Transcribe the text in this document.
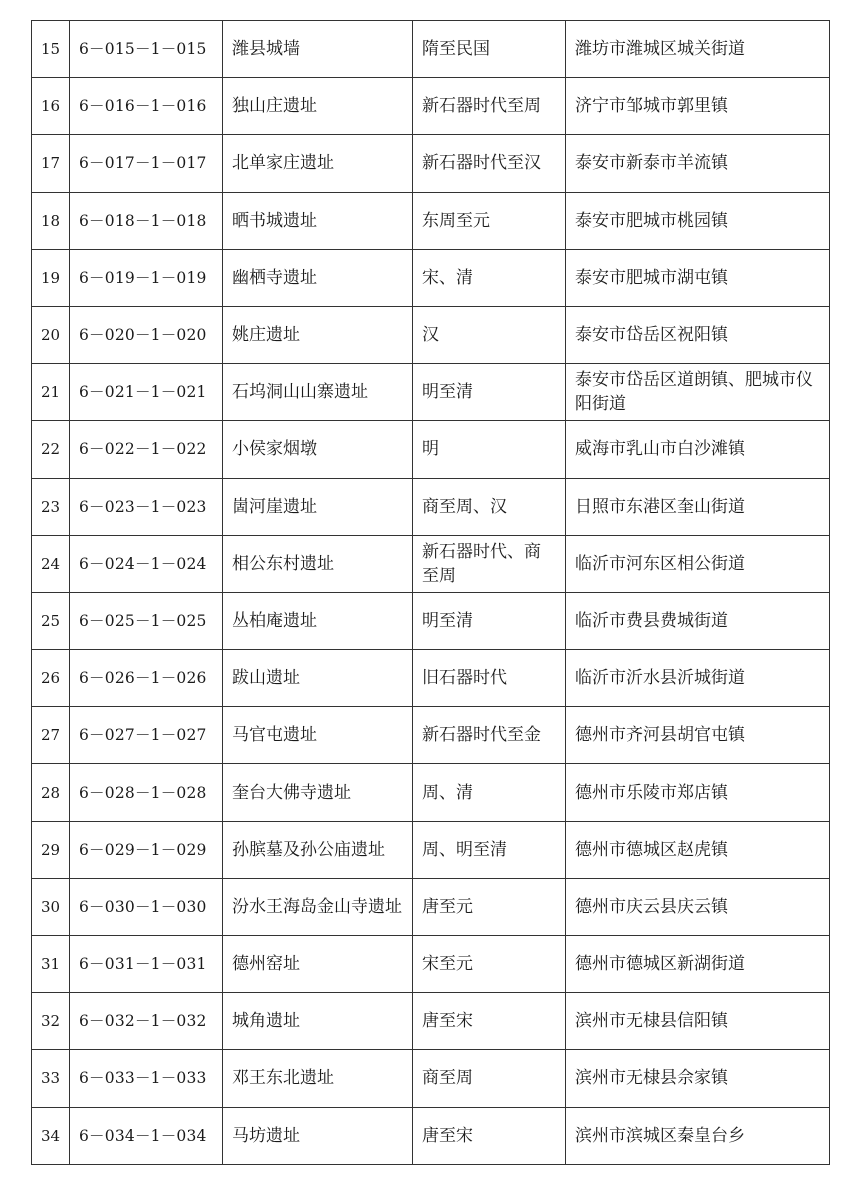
15	6－015－1－015	潍县城墙	隋至民国	潍坊市潍城区城关街道
16	6－016－1－016	独山庄遗址	新石器时代至周	济宁市邹城市郭里镇
17	6－017－1－017	北单家庄遗址	新石器时代至汉	泰安市新泰市羊流镇
18	6－018－1－018	晒书城遗址	东周至元	泰安市肥城市桃园镇
19	6－019－1－019	幽栖寺遗址	宋、清	泰安市肥城市湖屯镇
20	6－020－1－020	姚庄遗址	汉	泰安市岱岳区祝阳镇
21	6－021－1－021	石坞洞山山寨遗址	明至清	泰安市岱岳区道朗镇、肥城市仪阳街道
22	6－022－1－022	小侯家烟墩	明	威海市乳山市白沙滩镇
23	6－023－1－023	崮河崖遗址	商至周、汉	日照市东港区奎山街道
24	6－024－1－024	相公东村遗址	新石器时代、商至周	临沂市河东区相公街道
25	6－025－1－025	丛柏庵遗址	明至清	临沂市费县费城街道
26	6－026－1－026	跋山遗址	旧石器时代	临沂市沂水县沂城街道
27	6－027－1－027	马官屯遗址	新石器时代至金	德州市齐河县胡官屯镇
28	6－028－1－028	奎台大佛寺遗址	周、清	德州市乐陵市郑店镇
29	6－029－1－029	孙膑墓及孙公庙遗址	周、明至清	德州市德城区赵虎镇
30	6－030－1－030	汾水王海岛金山寺遗址	唐至元	德州市庆云县庆云镇
31	6－031－1－031	德州窑址	宋至元	德州市德城区新湖街道
32	6－032－1－032	城角遗址	唐至宋	滨州市无棣县信阳镇
33	6－033－1－033	邓王东北遗址	商至周	滨州市无棣县佘家镇
34	6－034－1－034	马坊遗址	唐至宋	滨州市滨城区秦皇台乡
